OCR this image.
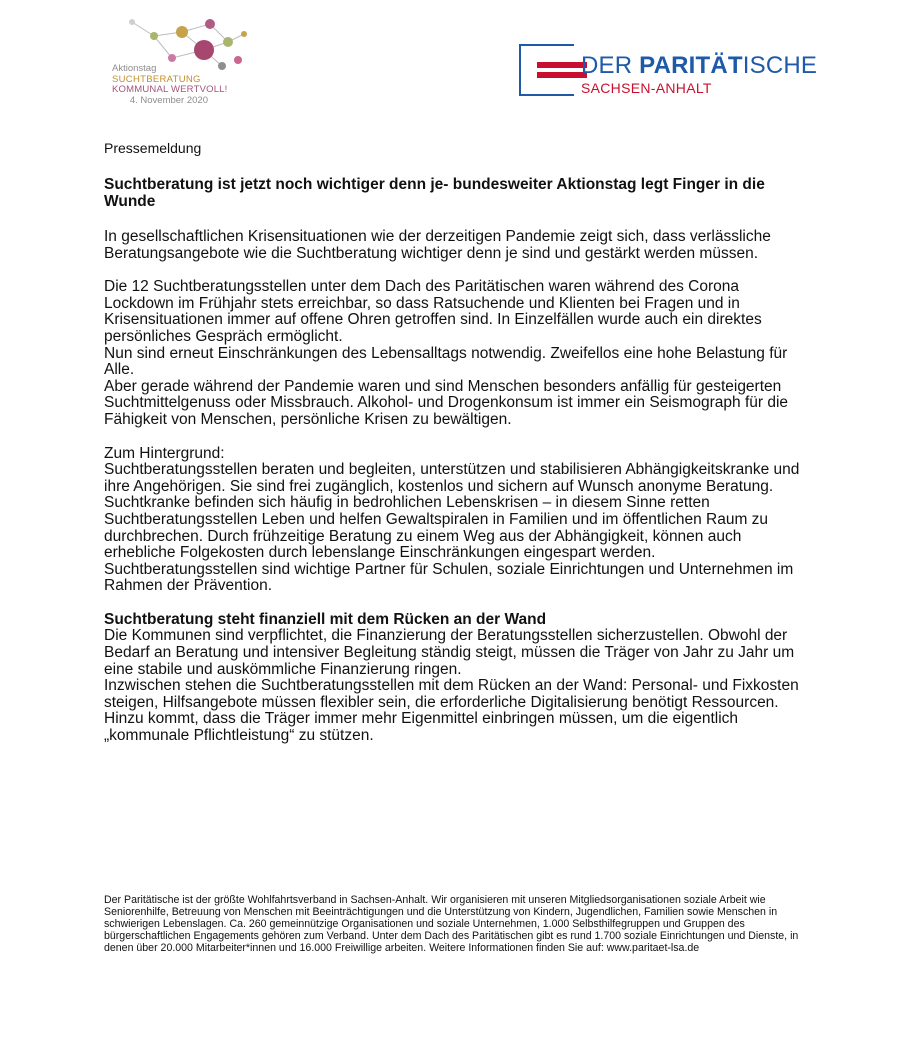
Aktionstag
SUCHTBERATUNG
KOMMUNAL WERTVOLL!
4. November 2020
DER PARITÄTISCHE
SACHSEN-ANHALT

Pressemeldung

Suchtberatung ist jetzt noch wichtiger denn je- bundesweiter Aktionstag legt Finger in die Wunde

In gesellschaftlichen Krisensituationen wie der derzeitigen Pandemie zeigt sich, dass verlässliche Beratungsangebote wie die Suchtberatung wichtiger denn je sind und gestärkt werden müssen.

Die 12 Suchtberatungsstellen unter dem Dach des Paritätischen waren während des Corona Lockdown im Frühjahr stets erreichbar, so dass Ratsuchende und Klienten bei Fragen und in Krisensituationen immer auf offene Ohren getroffen sind. In Einzelfällen wurde auch ein direktes persönliches Gespräch ermöglicht.

Nun sind erneut Einschränkungen des Lebensalltags notwendig. Zweifellos eine hohe Belastung für Alle.

Aber gerade während der Pandemie waren und sind Menschen besonders anfällig für gesteigerten Suchtmittelgenuss oder Missbrauch. Alkohol- und Drogenkonsum ist immer ein Seismograph für die Fähigkeit von Menschen, persönliche Krisen zu bewältigen.

Zum Hintergrund:

Suchtberatungsstellen beraten und begleiten, unterstützen und stabilisieren Abhängigkeitskranke und ihre Angehörigen. Sie sind frei zugänglich, kostenlos und sichern auf Wunsch anonyme Beratung. Suchtkranke befinden sich häufig in bedrohlichen Lebenskrisen – in diesem Sinne retten Suchtberatungsstellen Leben und helfen Gewaltspiralen in Familien und im öffentlichen Raum zu durchbrechen. Durch frühzeitige Beratung zu einem Weg aus der Abhängigkeit, können auch erhebliche Folgekosten durch lebenslange Einschränkungen eingespart werden. Suchtberatungsstellen sind wichtige Partner für Schulen, soziale Einrichtungen und Unternehmen im Rahmen der Prävention.

Suchtberatung steht finanziell mit dem Rücken an der Wand

Die Kommunen sind verpflichtet, die Finanzierung der Beratungsstellen sicherzustellen. Obwohl der Bedarf an Beratung und intensiver Begleitung ständig steigt, müssen die Träger von Jahr zu Jahr um eine stabile und auskömmliche Finanzierung ringen.

Inzwischen stehen die Suchtberatungsstellen mit dem Rücken an der Wand: Personal- und Fixkosten steigen, Hilfsangebote müssen flexibler sein, die erforderliche Digitalisierung benötigt Ressourcen. Hinzu kommt, dass die Träger immer mehr Eigenmittel einbringen müssen, um die eigentlich „kommunale Pflichtleistung“ zu stützen.

Der Paritätische ist der größte Wohlfahrtsverband in Sachsen-Anhalt. Wir organisieren mit unseren Mitgliedsorganisationen soziale Arbeit wie Seniorenhilfe, Betreuung von Menschen mit Beeinträchtigungen und die Unterstützung von Kindern, Jugendlichen, Familien sowie Menschen in schwierigen Lebenslagen. Ca. 260 gemeinnützige Organisationen und soziale Unternehmen, 1.000 Selbsthilfegruppen und Gruppen des bürgerschaftlichen Engagements gehören zum Verband. Unter dem Dach des Paritätischen gibt es rund 1.700 soziale Einrichtungen und Dienste, in denen über 20.000 Mitarbeiter*innen und 16.000 Freiwillige arbeiten. Weitere Informationen finden Sie auf: www.paritaet-lsa.de
